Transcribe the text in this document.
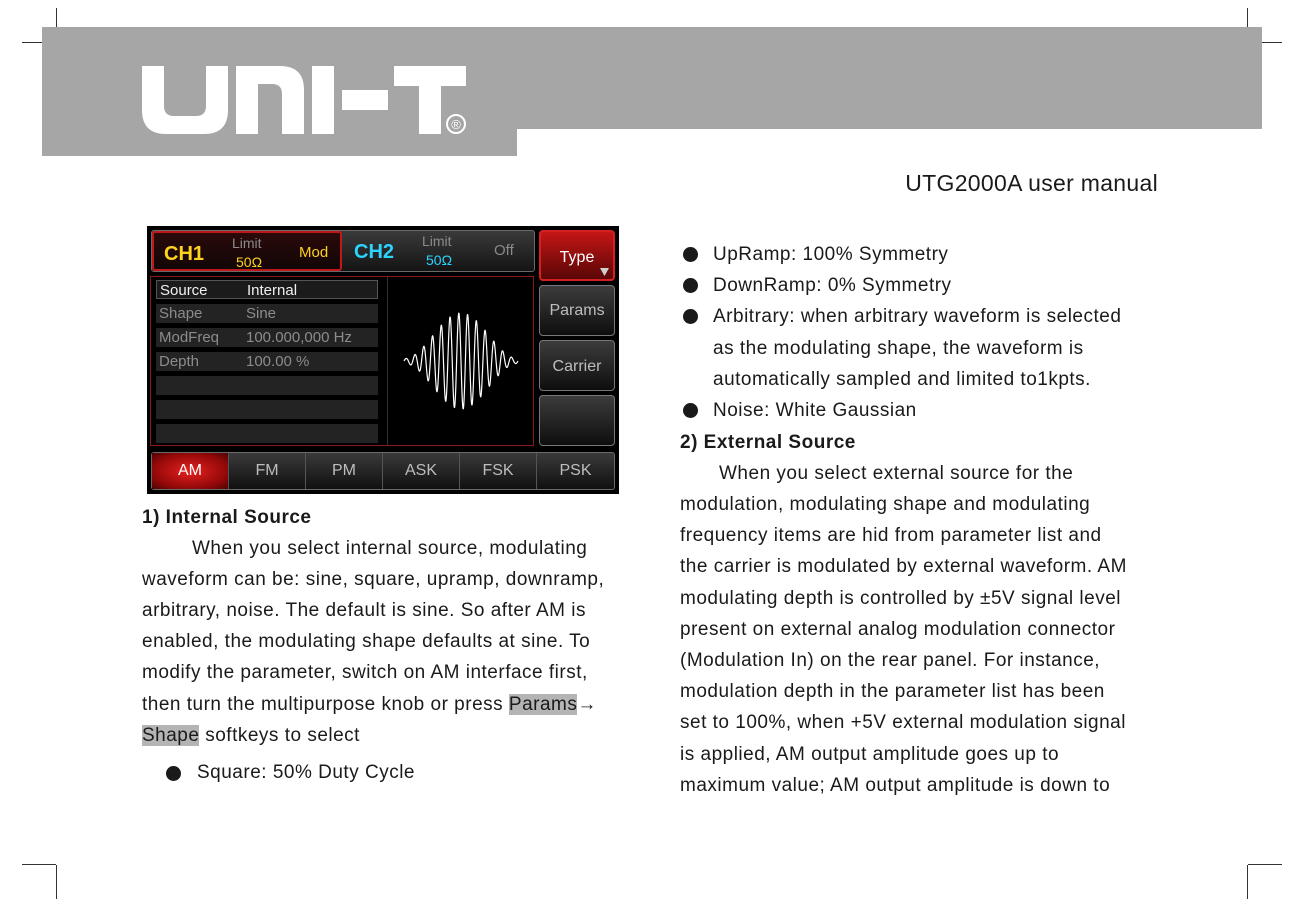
®
UTG2000A user manual
CH1 Limit
50Ω
Mod CH2 Limit
50Ω
Off	Type
Params
Carrier
Source	Internal
Shape	Sine
ModFreq 100.000,000 Hz
Depth	100.00 %
AM	FM	PM	ASK	FSK	PSK
1) Internal Source
When you select internal source, modulating
waveform can be: sine, square, upramp, downramp,
arbitrary, noise. The default is sine. So after AM is
enabled, the modulating shape defaults at sine. To
modify the parameter, switch on AM interface first,
then turn the multipurpose knob or press Params→
Shape softkeys to select
Square: 50% Duty Cycle
UpRamp: 100% Symmetry
DownRamp: 0% Symmetry
Arbitrary: when arbitrary waveform is selected
as the modulating shape, the waveform is
automatically sampled and limited to1kpts.
Noise: White Gaussian
2) External Source
When you select external source for the
modulation, modulating shape and modulating
frequency items are hid from parameter list and
the carrier is modulated by external waveform. AM
modulating depth is controlled by ±5V signal level
present on external analog modulation connector
(Modulation In) on the rear panel. For instance,
modulation depth in the parameter list has been
set to 100%, when +5V external modulation signal
is applied, AM output amplitude goes up to
maximum value; AM output amplitude is down to
